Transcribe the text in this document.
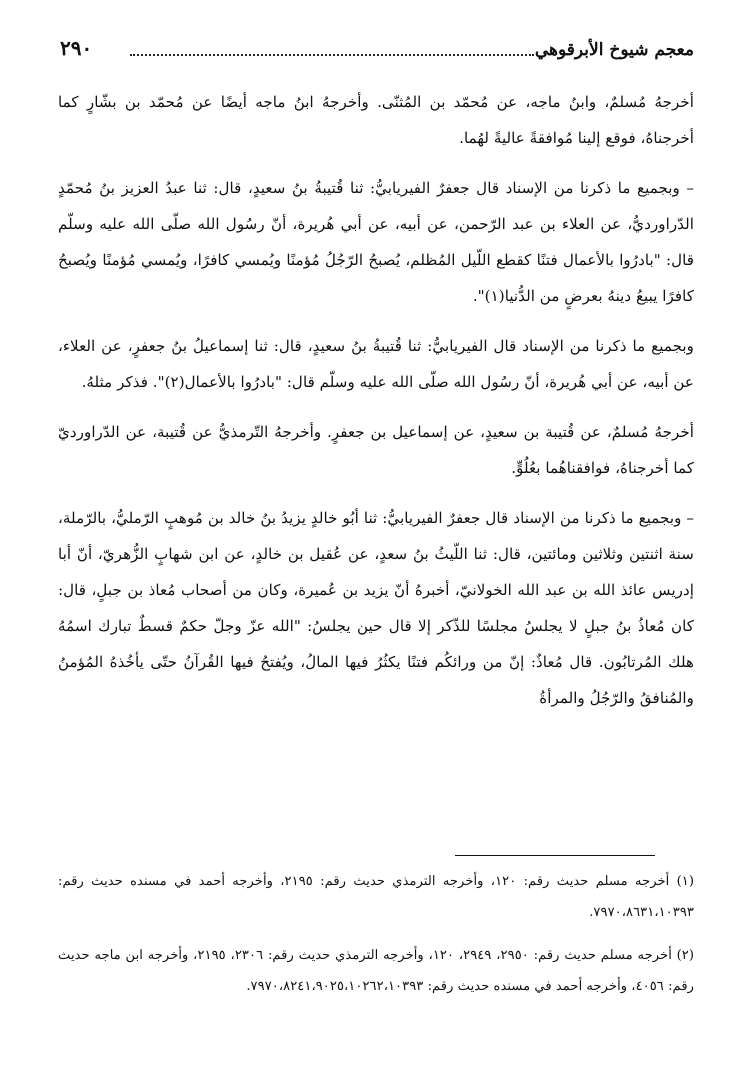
معجم شيوخ الأبرقوهي
٢٩٠

أخرجهُ مُسلمٌ، وابنُ ماجه، عن مُحمّد بن المُثنّى. وأخرجهُ ابنُ ماجه أيضًا عن مُحمّد بن بشّارٍ كما أخرجناهُ، فوقع إلينا مُوافقةً عاليةً لهُما.

– وبجميع ما ذكرنا من الإسناد قال جعفرٌ الفيريابيُّ: ثنا قُتيبةُ بنُ سعيدٍ، قال: ثنا عبدُ العزيز بنُ مُحمّدٍ الدّراورديُّ، عن العلاء بن عبد الرّحمن، عن أبيه، عن أبي هُريرة، أنّ رسُول الله صلّى الله عليه وسلّم قال: "بادرُوا بالأعمال فتنًا كقطع اللّيل المُظلم، يُصبحُ الرّجُلُ مُؤمنًا ويُمسي كافرًا، ويُمسي مُؤمنًا ويُصبحُ كافرًا يبيعُ دينهُ بعرضٍ من الدُّنيا(١)".

وبجميع ما ذكرنا من الإسناد قال الفيريابيُّ: ثنا قُتيبةُ بنُ سعيدٍ، قال: ثنا إسماعيلُ بنُ جعفرٍ، عن العلاء، عن أبيه، عن أبي هُريرة، أنّ رسُول الله صلّى الله عليه وسلّم قال: "بادرُوا بالأعمال(٢)". فذكر مثلهُ.

أخرجهُ مُسلمٌ، عن قُتيبة بن سعيدٍ، عن إسماعيل بن جعفرٍ. وأخرجهُ التّرمذيُّ عن قُتيبة، عن الدّراورديّ كما أخرجناهُ، فوافقناهُما بعُلُوٍّ.

– وبجميع ما ذكرنا من الإسناد قال جعفرٌ الفيريابيُّ: ثنا أبُو خالدٍ يزيدُ بنُ خالد بن مُوهبٍ الرّمليُّ، بالرّملة، سنة اثنتين وثلاثين ومائتين، قال: ثنا اللّيثُ بنُ سعدٍ، عن عُقيل بن خالدٍ، عن ابن شهابٍ الزُّهريّ، أنّ أبا إدريس عائذ الله بن عبد الله الخولانيّ، أخبرهُ أنّ يزيد بن عُميرة، وكان من أصحاب مُعاذ بن جبلٍ، قال: كان مُعاذُ بنُ جبلٍ لا يجلسُ مجلسًا للذّكر إلا قال حين يجلسُ: "الله عزّ وجلّ حكمٌ قسطٌ تبارك اسمُهُ هلك المُرتابُون. قال مُعاذٌ: إنّ من ورائكُم فتنًا يكثُرُ فيها المالُ، ويُفتحُ فيها القُرآنُ حتّى يأخُذهُ المُؤمنُ والمُنافقُ والرّجُلُ والمرأةُ

(١) أخرجه مسلم حديث رقم: ١٢٠، وأخرجه الترمذي حديث رقم: ٢١٩٥، وأخرجه أحمد في مسنده حديث رقم: ٧٩٧٠،٨٦٣١،١٠٣٩٣.

(٢) أخرجه مسلم حديث رقم: ٢٩٥٠، ٢٩٤٩، ١٢٠، وأخرجه الترمذي حديث رقم: ٢٣٠٦، ٢١٩٥، وأخرجه ابن ماجه حديث رقم: ٤٠٥٦، وأخرجه أحمد في مسنده حديث رقم: ٧٩٧٠،٨٢٤١،٩٠٢٥،١٠٢٦٢،١٠٣٩٣.
